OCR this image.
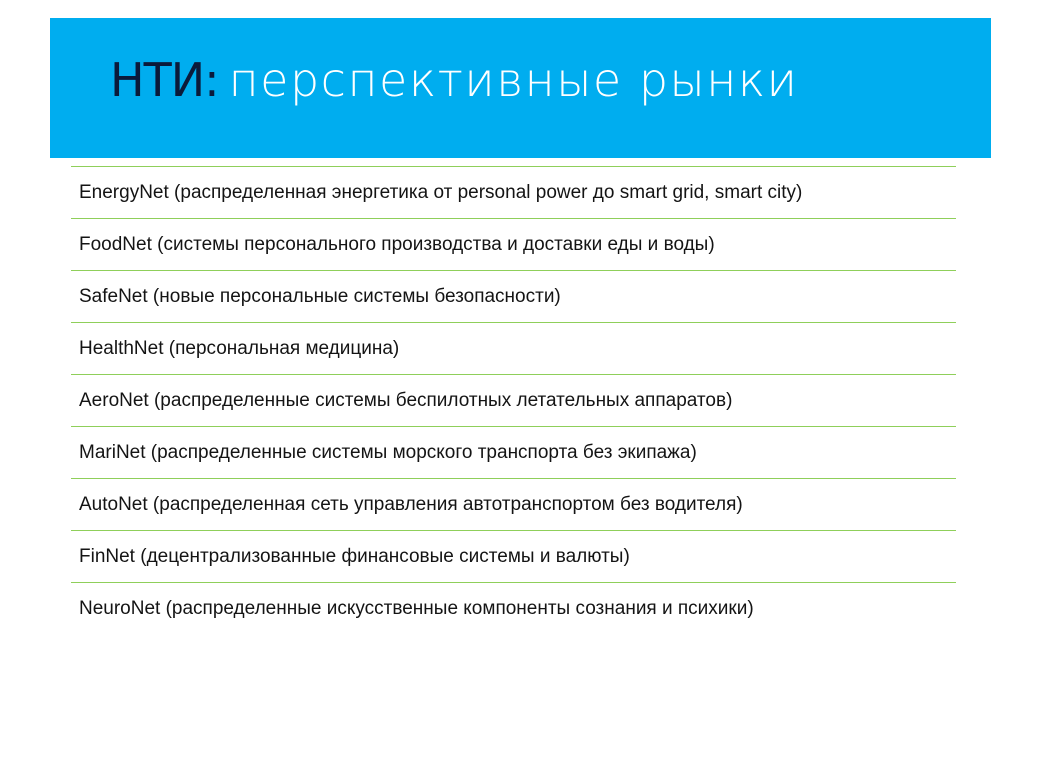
НТИ: перспективные рынки
EnergyNet (распределенная энергетика от personal power до smart grid, smart city)
FoodNet (системы персонального производства и доставки еды и воды)
SafeNet (новые персональные системы безопасности)
HealthNet (персональная медицина)
AeroNet (распределенные системы беспилотных летательных аппаратов)
MariNet (распределенные системы морского транспорта без экипажа)
AutoNet (распределенная сеть управления автотранспортом без водителя)
FinNet (децентрализованные финансовые системы и валюты)
NeuroNet (распределенные искусственные компоненты сознания и психики)
